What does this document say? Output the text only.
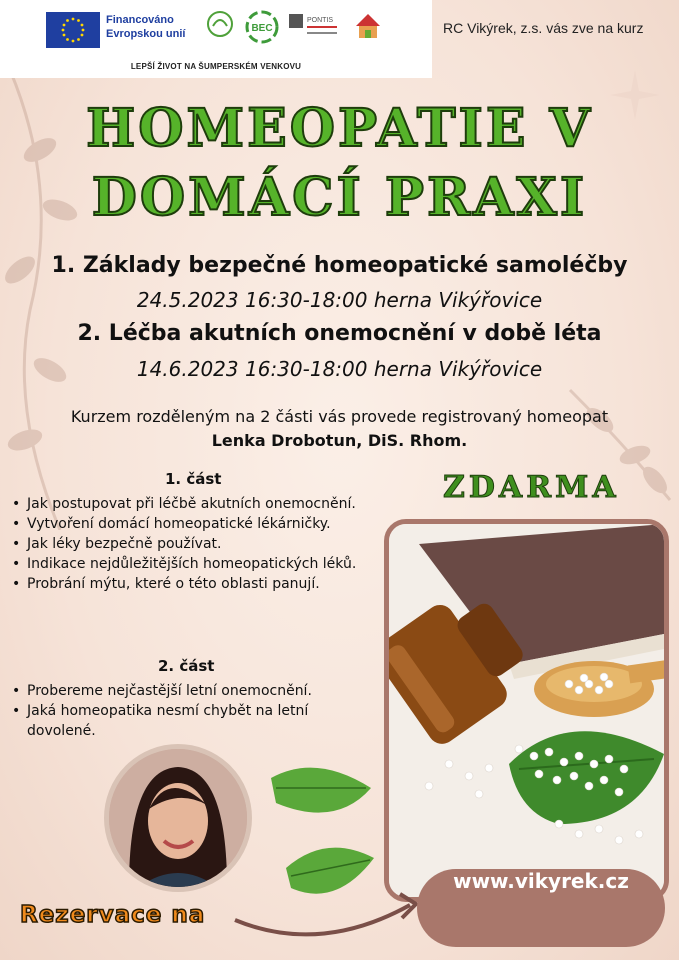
Financováno
Evropskou unií	BEC
PONTIS
LEPŠÍ ŽIVOT NA ŠUMPERSKÉM VENKOVU
RC Vikýrek, z.s. vás zve na kurz
HOMEOPATIE V
DOMÁCÍ PRAXI
1. Základy bezpečné homeopatické samoléčby
24.5.2023 16:30-18:00 herna Vikýřovice
2. Léčba akutních onemocnění v době léta
14.6.2023 16:30-18:00 herna Vikýřovice
Kurzem rozděleným na 2 části vás provede registrovaný homeopat
Lenka Drobotun, DiS. Rhom.
1. část
• Jak postupovat při léčbě akutních onemocnění.
• Vytvoření domácí homeopatické lékárničky.
• Jak léky bezpečně používat.
• Indikace nejdůležitějších homeopatických léků.
• Probrání mýtu, které o této oblasti panují.
2. část
• Probereme nejčastější letní onemocnění.
• Jaká homeopatika nesmí chybět na letní dovolené.
ZDARMA
Rezervace na
www.vikyrek.cz
